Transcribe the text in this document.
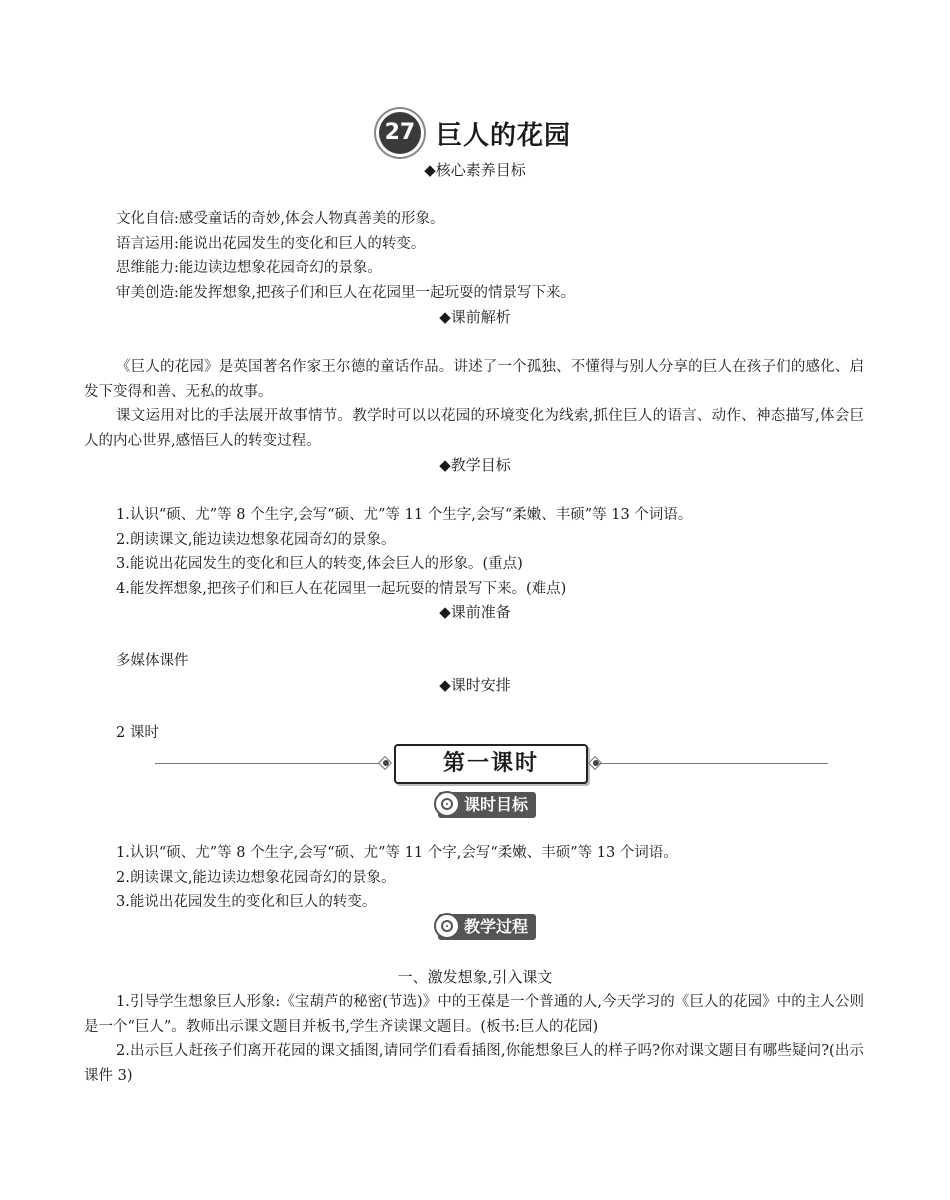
27 巨人的花园
◆核心素养目标
文化自信:感受童话的奇妙,体会人物真善美的形象。
语言运用:能说出花园发生的变化和巨人的转变。
思维能力:能边读边想象花园奇幻的景象。
审美创造:能发挥想象,把孩子们和巨人在花园里一起玩耍的情景写下来。
◆课前解析

《巨人的花园》是英国著名作家王尔德的童话作品。讲述了一个孤独、不懂得与别人分享的巨人在孩子们的感化、启发下变得和善、无私的故事。

课文运用对比的手法展开故事情节。教学时可以以花园的环境变化为线索,抓住巨人的语言、动作、神态描写,体会巨人的内心世界,感悟巨人的转变过程。

◆教学目标
1.认识“硕、尤”等 8 个生字,会写“硕、尤”等 11 个生字,会写“柔嫩、丰硕”等 13 个词语。
2.朗读课文,能边读边想象花园奇幻的景象。
3.能说出花园发生的变化和巨人的转变,体会巨人的形象。(重点)
4.能发挥想象,把孩子们和巨人在花园里一起玩耍的情景写下来。(难点)
◆课前准备
多媒体课件
◆课时安排
2 课时
第一课时
课时目标
1.认识“硕、尤”等 8 个生字,会写“硕、尤”等 11 个字,会写“柔嫩、丰硕”等 13 个词语。
2.朗读课文,能边读边想象花园奇幻的景象。
3.能说出花园发生的变化和巨人的转变。
教学过程
一、激发想象,引入课文

1.引导学生想象巨人形象:《宝葫芦的秘密(节选)》中的王葆是一个普通的人,今天学习的《巨人的花园》中的主人公则是一个“巨人”。教师出示课文题目并板书,学生齐读课文题目。(板书:巨人的花园)

2.出示巨人赶孩子们离开花园的课文插图,请同学们看看插图,你能想象巨人的样子吗?你对课文题目有哪些疑问?(出示课件 3)
